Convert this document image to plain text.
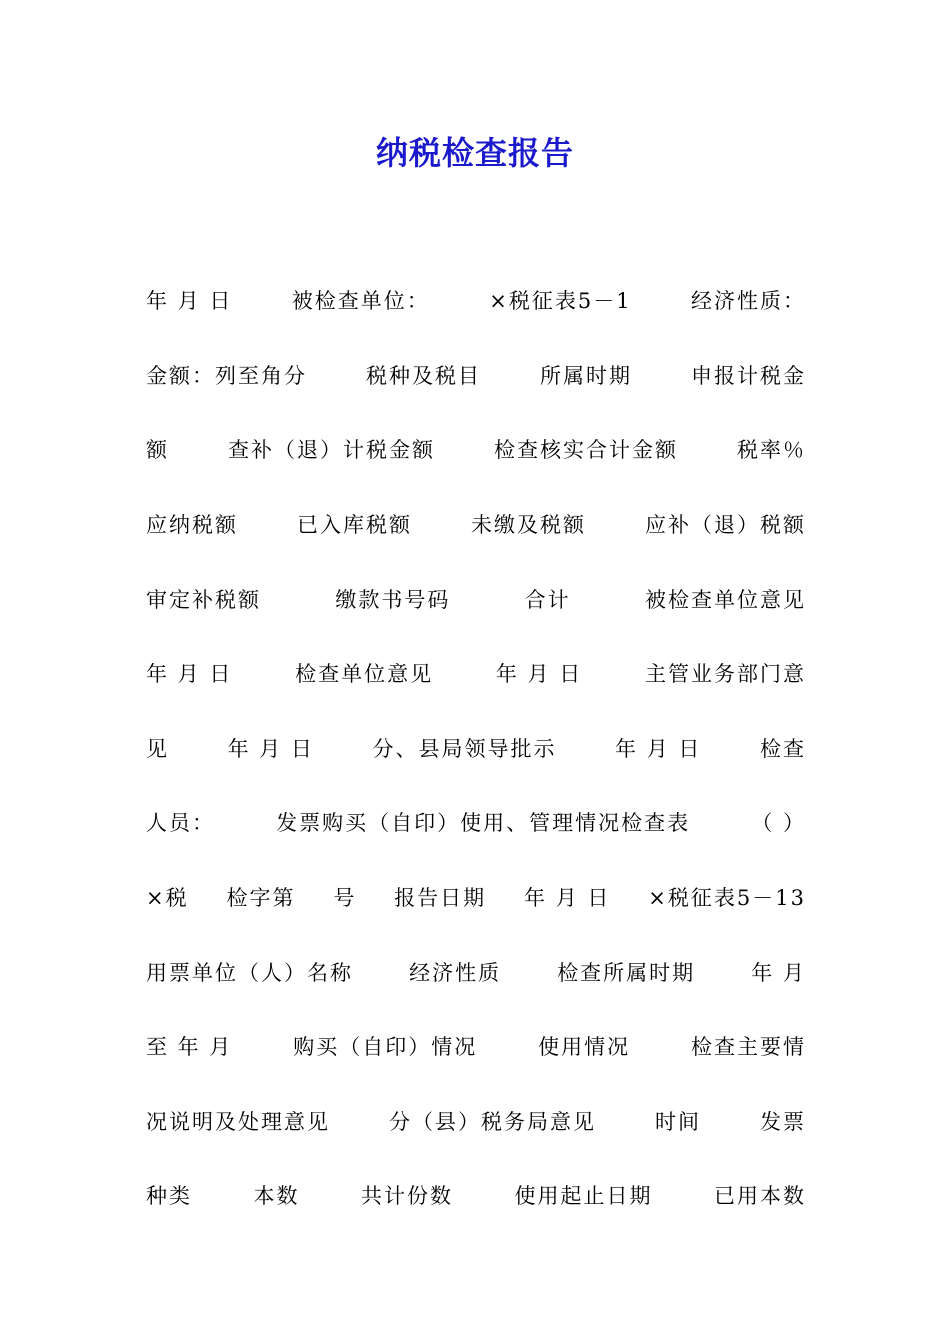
纳税检查报告
年 月 日	被检查单位：	×税征表5－1	经济性质：
金额：列至角分	税种及税目	所属时期	申报计税金
额	查补（退）计税金额	检查核实合计金额	税率％
应纳税额	已入库税额	未缴及税额	应补（退）税额
审定补税额	缴款书号码	合计	被检查单位意见
年 月 日	检查单位意见	年 月 日	主管业务部门意
见	年 月 日	分、县局领导批示	年 月 日	检查
人员：	发票购买（自印）使用、管理情况检查表	（ ）
×税 检字第 号 报告日期 年 月 日 ×税征表5－13
用票单位（人）名称	经济性质	检查所属时期	年 月
至 年 月	购买（自印）情况	使用情况	检查主要情
况说明及处理意见	分（县）税务局意见	时间	发票
种类	本数	共计份数	使用起止日期	已用本数
